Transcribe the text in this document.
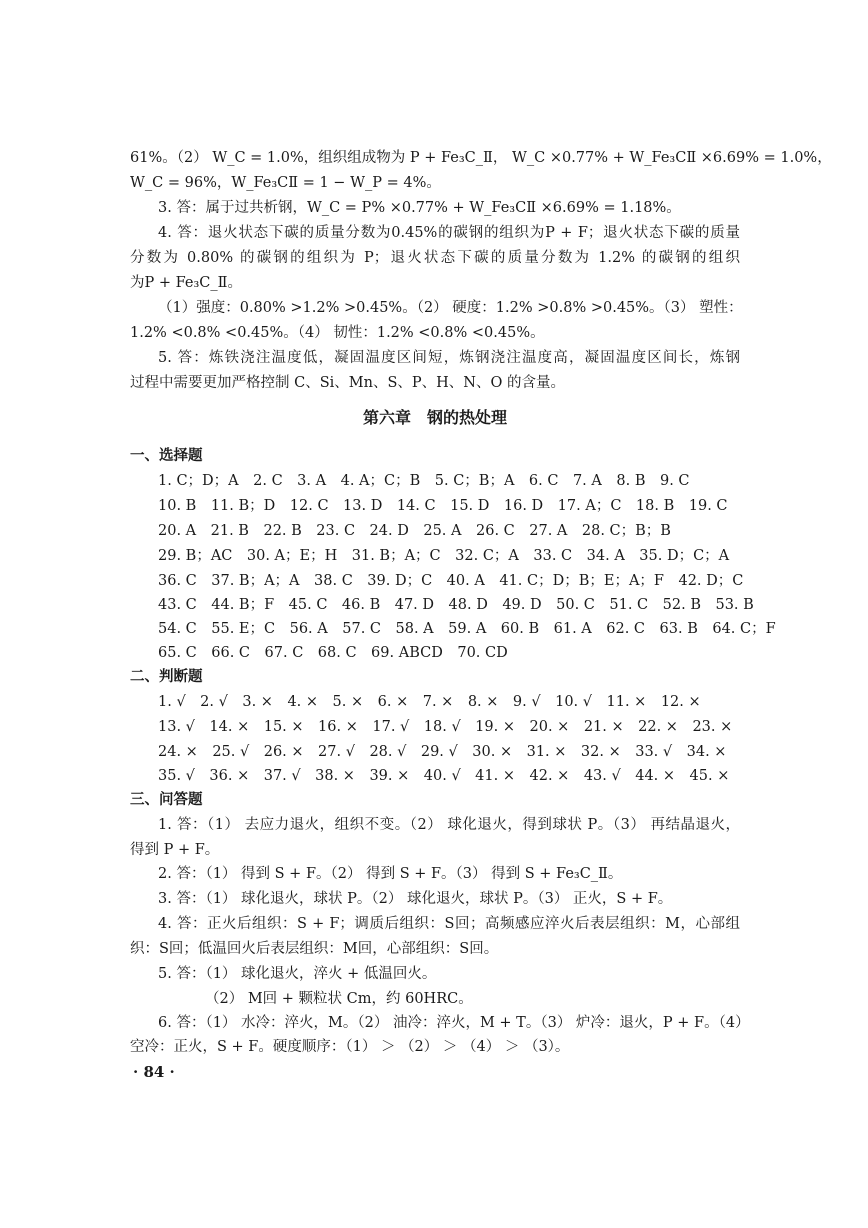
61%。（2） W_C = 1.0%，组织组成物为 P + Fe₃C_Ⅱ， W_C ×0.77% + W_Fe₃CⅡ ×6.69% = 1.0%，
W_C = 96%，W_Fe₃CⅡ = 1 − W_P = 4%。
3. 答：属于过共析钢，W_C = P% ×0.77% + W_Fe₃CⅡ ×6.69% = 1.18%。
4. 答：退火状态下碳的质量分数为0.45%的碳钢的组织为P + F；退火状态下碳的质量
分数为 0.80% 的碳钢的组织为 P；退火状态下碳的质量分数为 1.2% 的碳钢的组织
为P + Fe₃C_Ⅱ。
（1）强度：0.80% >1.2% >0.45%。（2） 硬度：1.2% >0.8% >0.45%。（3） 塑性：
1.2% <0.8% <0.45%。（4） 韧性：1.2% <0.8% <0.45%。
5. 答：炼铁浇注温度低，凝固温度区间短，炼钢浇注温度高，凝固温度区间长，炼钢
过程中需要更加严格控制 C、Si、Mn、S、P、H、N、O 的含量。
第六章　钢的热处理
一、选择题
1. C；D；A　2. C　3. A　4. A；C；B　5. C；B；A　6. C　7. A　8. B　9. C
10. B　11. B；D　12. C　13. D　14. C　15. D　16. D　17. A；C　18. B　19. C
20. A　21. B　22. B　23. C　24. D　25. A　26. C　27. A　28. C；B；B
29. B；AC　30. A；E；H　31. B；A；C　32. C；A　33. C　34. A　35. D；C；A
36. C　37. B；A；A　38. C　39. D；C　40. A　41. C；D；B；E；A；F　42. D；C
43. C　44. B；F　45. C　46. B　47. D　48. D　49. D　50. C　51. C　52. B　53. B
54. C　55. E；C　56. A　57. C　58. A　59. A　60. B　61. A　62. C　63. B　64. C；F
65. C　66. C　67. C　68. C　69. ABCD　70. CD
二、判断题
1. √　2. √　3. ×　4. ×　5. ×　6. ×　7. ×　8. ×　9. √　10. √　11. ×　12. ×
13. √　14. ×　15. ×　16. ×　17. √　18. √　19. ×　20. ×　21. ×　22. ×　23. ×
24. ×　25. √　26. ×　27. √　28. √　29. √　30. ×　31. ×　32. ×　33. √　34. ×
35. √　36. ×　37. √　38. ×　39. ×　40. √　41. ×　42. ×　43. √　44. ×　45. ×
三、问答题
1. 答：（1） 去应力退火，组织不变。（2） 球化退火，得到球状 P。（3） 再结晶退火，
得到 P + F。
2. 答：（1） 得到 S + F。（2） 得到 S + F。（3） 得到 S + Fe₃C_Ⅱ。
3. 答：（1） 球化退火，球状 P。（2） 球化退火，球状 P。（3） 正火，S + F。
4. 答：正火后组织：S + F；调质后组织：S回；高频感应淬火后表层组织：M，心部组
织：S回；低温回火后表层组织：M回，心部组织：S回。
5. 答：（1） 球化退火，淬火 + 低温回火。
（2） M回 + 颗粒状 Cm，约 60HRC。
6. 答：（1） 水冷：淬火，M。（2） 油冷：淬火，M + T。（3） 炉冷：退火，P + F。（4）
空冷：正火，S + F。硬度顺序：（1） ＞ （2） ＞ （4） ＞ （3）。
· 84 ·
